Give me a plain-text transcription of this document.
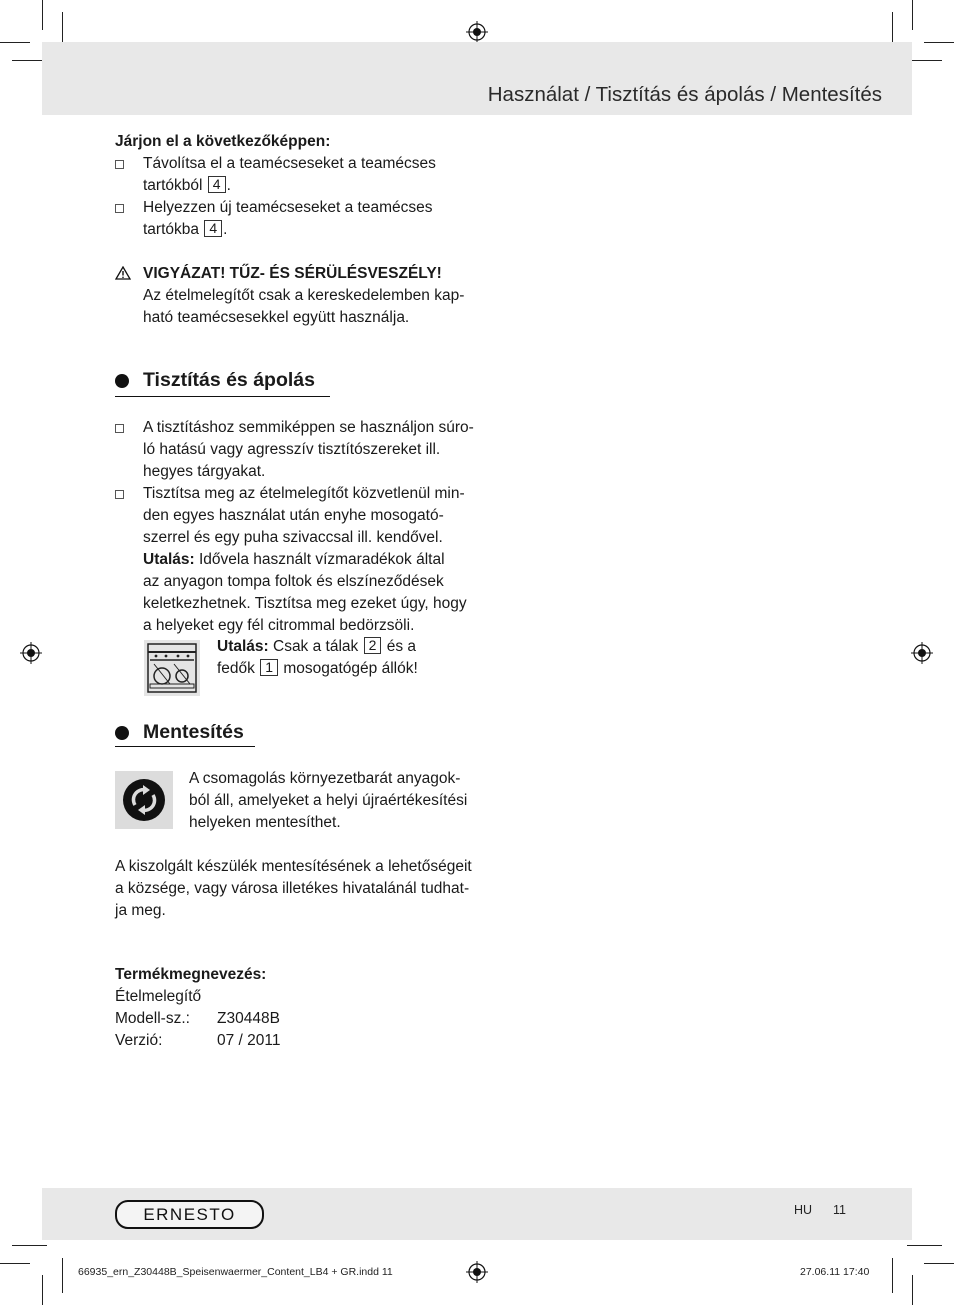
Használat / Tisztítás és ápolás / Mentesítés
Járjon el a következőképpen:
Távolítsa el a teamécseseket a teamécses
tartókból 4 .
Helyezzen új teamécseseket a teamécses
tartókba 4 .
VIGYÁZAT! TŰZ- ÉS SÉRÜLÉSVESZÉLY!
Az ételmelegítőt csak a kereskedelemben kap-
ható teamécsesekkel együtt használja.
Tisztítás és ápolás
A tisztításhoz semmiképpen se használjon súro-
ló hatású vagy agresszív tisztítószereket ill.
hegyes tárgyakat.
Tisztítsa meg az ételmelegítőt közvetlenül min-
den egyes használat után enyhe mosogató-
szerrel és egy puha szivaccsal ill. kendővel.
Utalás: Idővela használt vízmaradékok által
az anyagon tompa foltok és elszíneződések
keletkezhetnek. Tisztítsa meg ezeket úgy, hogy
a helyeket egy fél citrommal bedörzsöli.
Utalás: Csak a tálak 2 és a
fedők 1 mosogatógép állók!
Mentesítés
A csomagolás környezetbarát anyagok-
ból áll, amelyeket a helyi újraértékesítési
helyeken mentesíthet.
A kiszolgált készülék mentesítésének a lehetőségeit
a községe, vagy városa illetékes hivatalánál tudhat-
ja meg.
Termékmegnevezés:
Ételmelegítő
Modell-sz.:	Z30448B
Verzió:	07 / 2011
ERNESTO	HU 11
66935_ern_Z30448B_Speisenwaermer_Content_LB4 + GR.indd 11	27.06.11 17:40
